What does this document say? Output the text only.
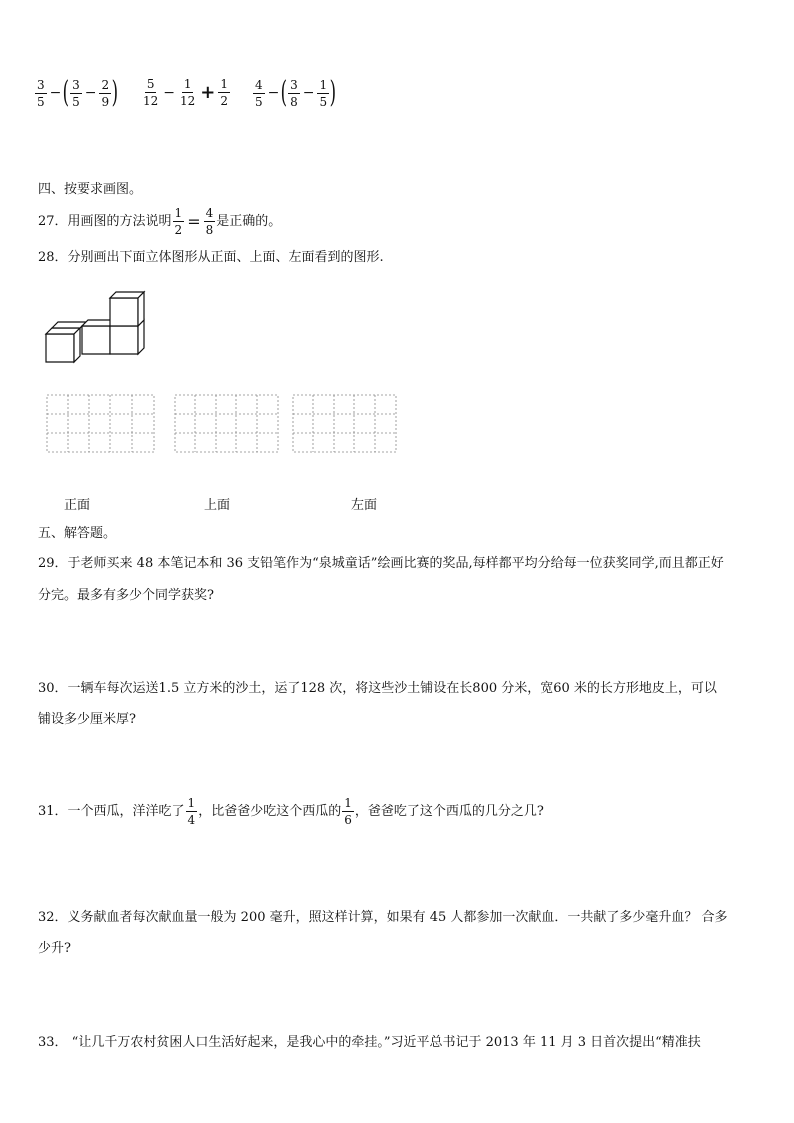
$\frac{3}{5}$ − ( $\frac{3}{5} - \frac{2}{9}$ ) $\frac{5}{12} - \frac{1}{12} + \frac{1}{2} \frac{4}{5}$ − ( $\frac{3}{8} - \frac{1}{5}$ )
四、按要求画图。
27．用画图的方法说明 $\frac{1}{2} = \frac{4}{8}$ 是正确的。
28．分别画出下面立体图形从正面、上面、左面看到的图形.
正面	上面	左面
五、解答题。
29．于老师买来 48 本笔记本和 36 支铅笔作为“泉城童话”绘画比赛的奖品,每样都平均分给每一位获奖同学,而且都正好
分完。最多有多少个同学获奖?
30．一辆车每次运送1.5 立方米的沙土，运了128 次，将这些沙土铺设在长800 分米，宽60 米的长方形地皮上，可以
铺设多少厘米厚?
31．一个西瓜，洋洋吃了 $\frac{1}{4}$ ，比爸爸少吃这个西瓜的 $\frac{1}{6}$ ，爸爸吃了这个西瓜的几分之几?
32．义务献血者每次献血量一般为 200 毫升，照这样计算，如果有 45 人都参加一次献血．一共献了多少毫升血？ 合多
少升?
33． “让几千万农村贫困人口生活好起来，是我心中的牵挂。”习近平总书记于 2013 年 11 月 3 日首次提出“精准扶
